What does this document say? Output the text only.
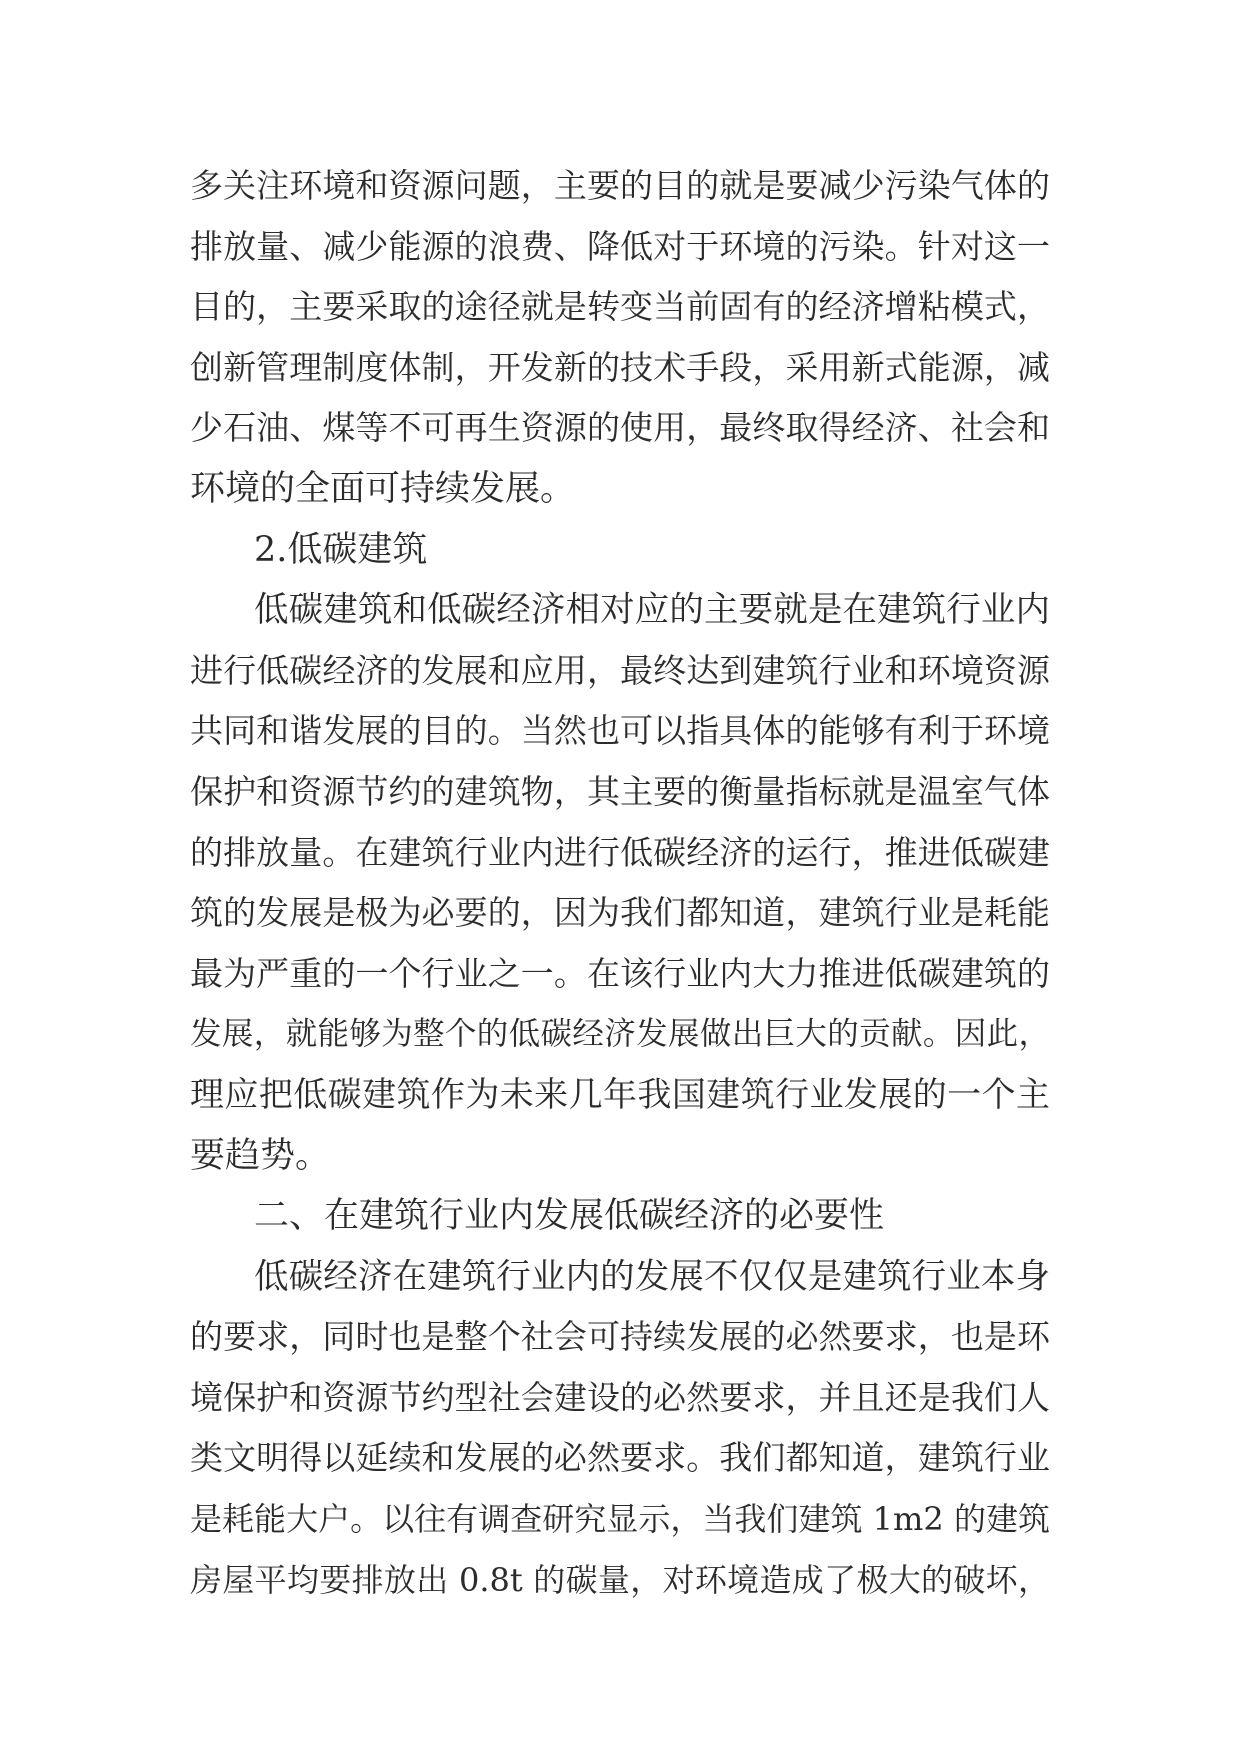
多关注环境和资源问题，主要的目的就是要减少污染气体的
排放量、减少能源的浪费、降低对于环境的污染。针对这一
目的，主要采取的途径就是转变当前固有的经济增粘模式，
创新管理制度体制，开发新的技术手段，采用新式能源，减
少石油、煤等不可再生资源的使用，最终取得经济、社会和
环境的全面可持续发展。
2.低碳建筑
低碳建筑和低碳经济相对应的主要就是在建筑行业内
进行低碳经济的发展和应用，最终达到建筑行业和环境资源
共同和谐发展的目的。当然也可以指具体的能够有利于环境
保护和资源节约的建筑物，其主要的衡量指标就是温室气体
的排放量。在建筑行业内进行低碳经济的运行，推进低碳建
筑的发展是极为必要的，因为我们都知道，建筑行业是耗能
最为严重的一个行业之一。在该行业内大力推进低碳建筑的
发展，就能够为整个的低碳经济发展做出巨大的贡献。因此，
理应把低碳建筑作为未来几年我国建筑行业发展的一个主
要趋势。
二、在建筑行业内发展低碳经济的必要性
低碳经济在建筑行业内的发展不仅仅是建筑行业本身
的要求，同时也是整个社会可持续发展的必然要求，也是环
境保护和资源节约型社会建设的必然要求，并且还是我们人
类文明得以延续和发展的必然要求。我们都知道，建筑行业
是耗能大户。以往有调查研究显示，当我们建筑 1m2 的建筑
房屋平均要排放出 0.8t 的碳量，对环境造成了极大的破坏，
